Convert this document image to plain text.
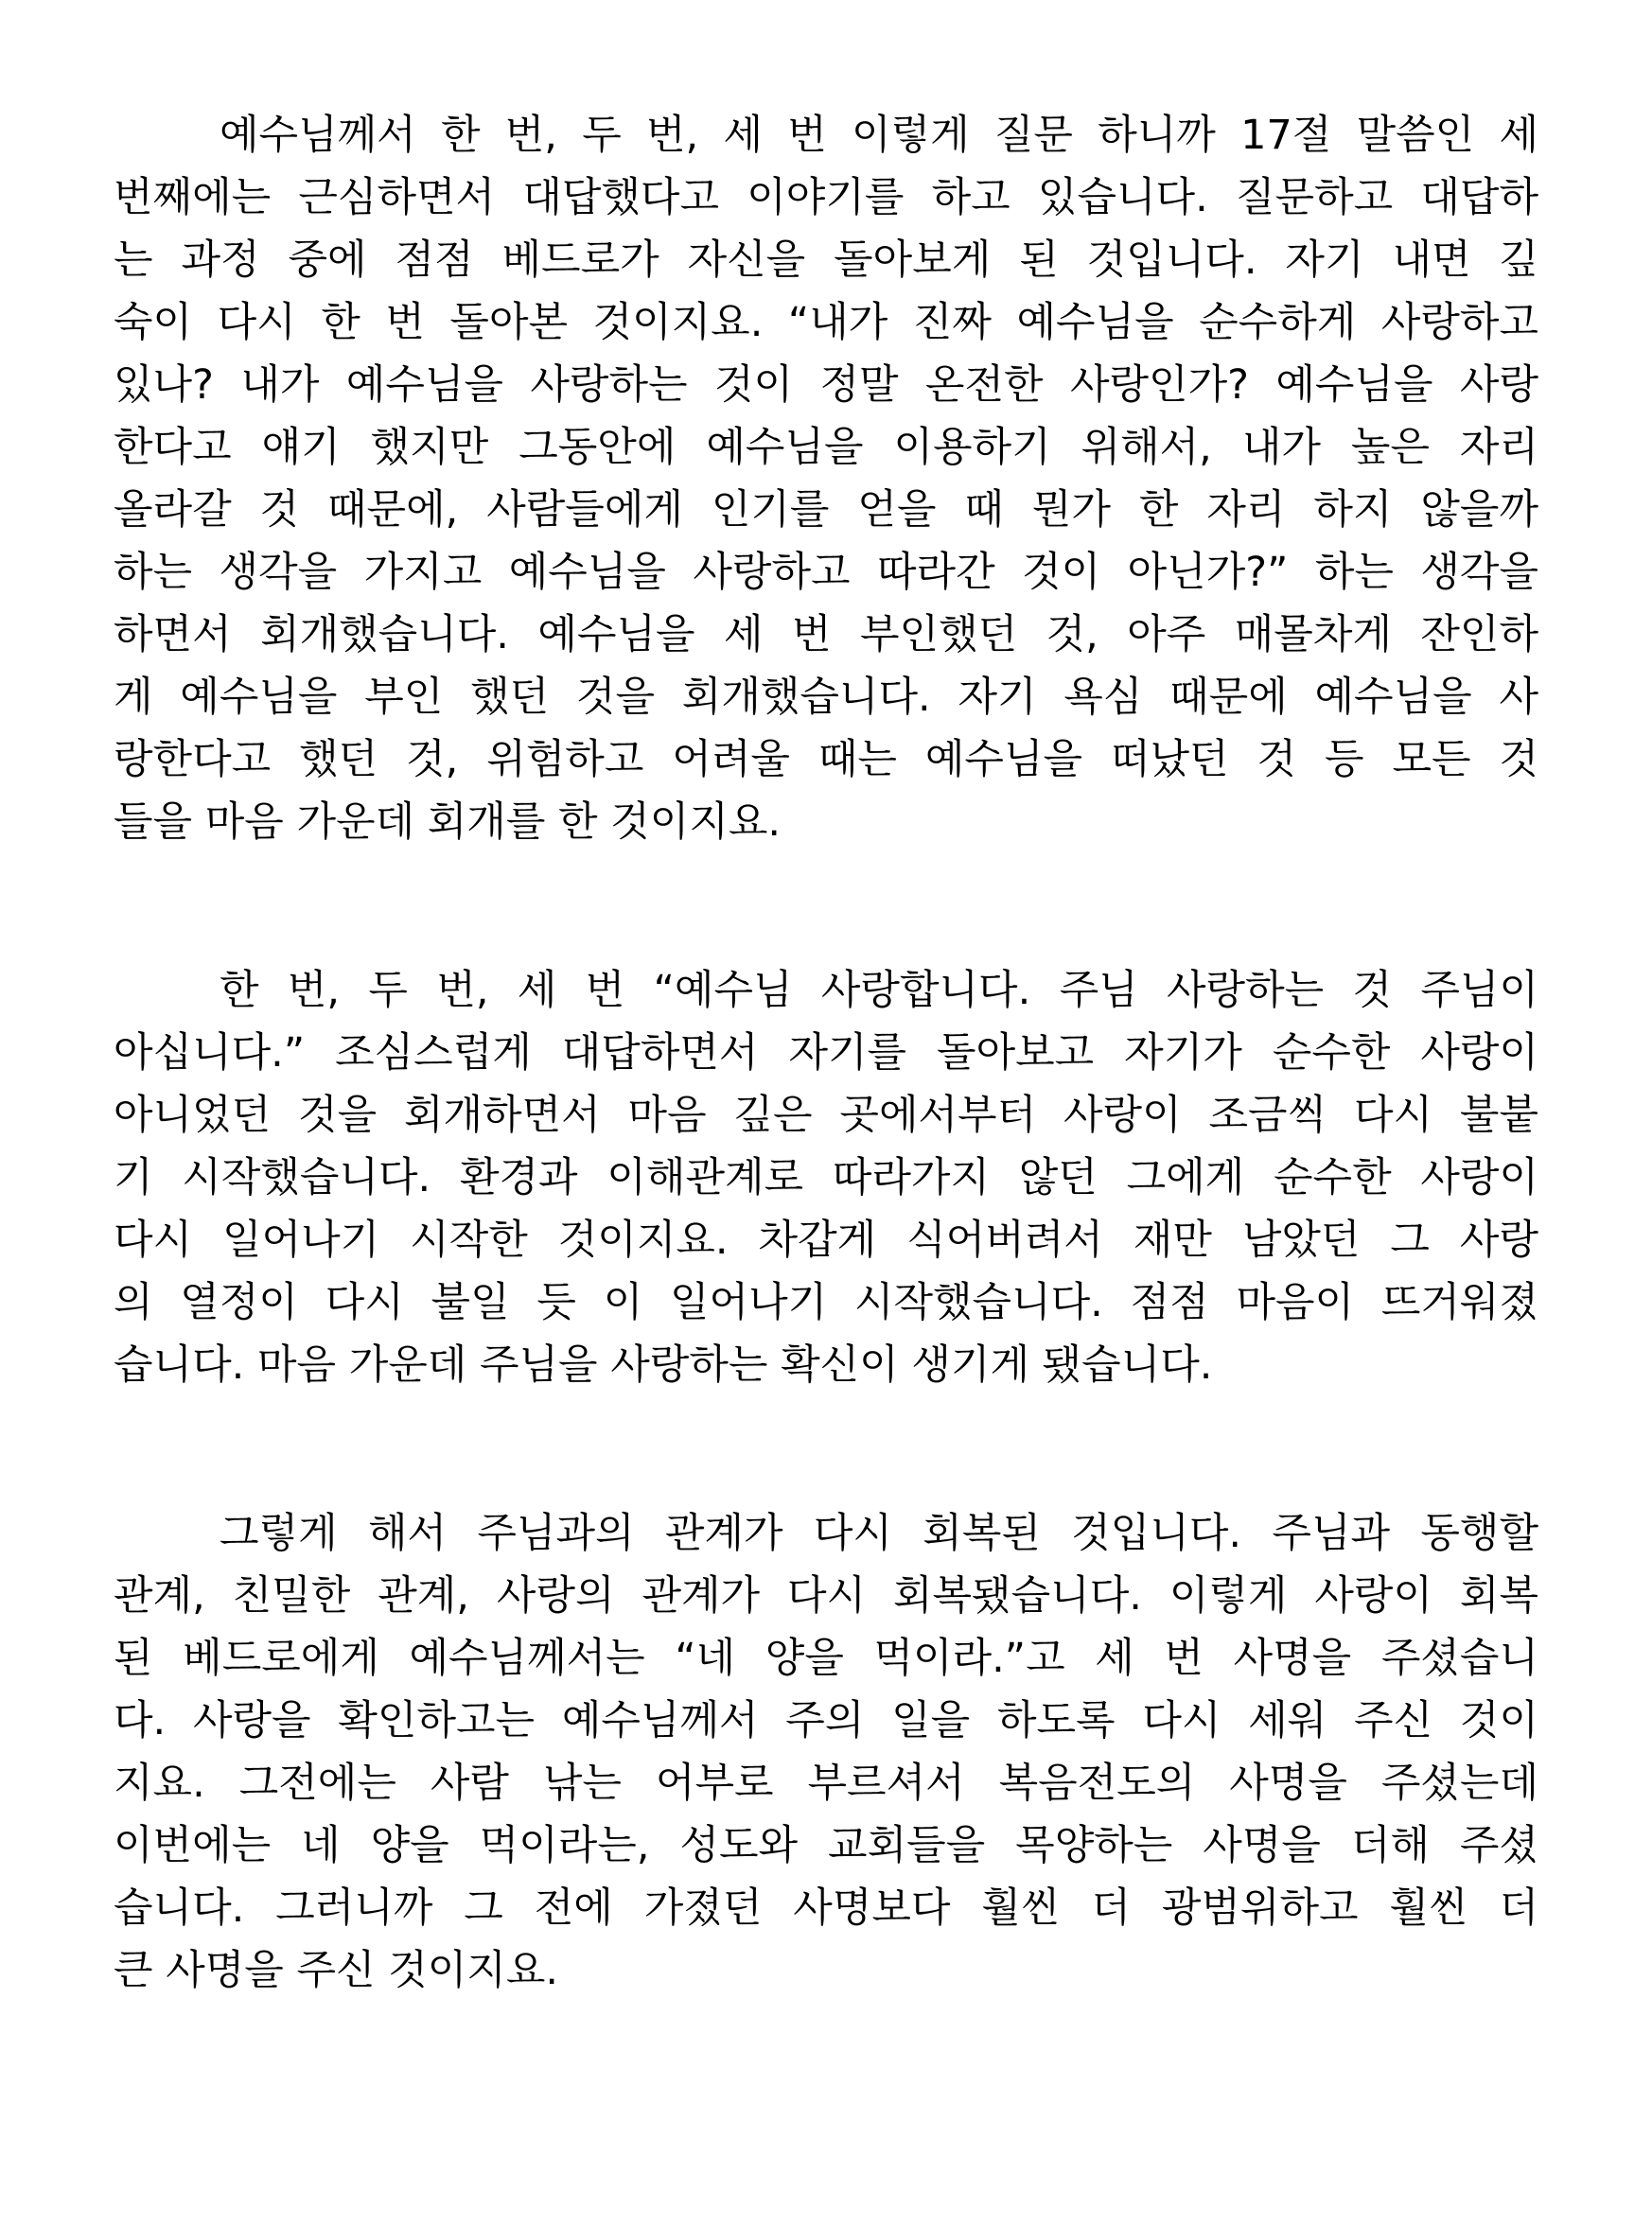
예수님께서 한 번, 두 번, 세 번 이렇게 질문 하니까 17절 말씀인 세
번째에는 근심하면서 대답했다고 이야기를 하고 있습니다. 질문하고 대답하
는 과정 중에 점점 베드로가 자신을 돌아보게 된 것입니다. 자기 내면 깊
숙이 다시 한 번 돌아본 것이지요. “내가 진짜 예수님을 순수하게 사랑하고
있나? 내가 예수님을 사랑하는 것이 정말 온전한 사랑인가? 예수님을 사랑
한다고 얘기 했지만 그동안에 예수님을 이용하기 위해서, 내가 높은 자리
올라갈 것 때문에, 사람들에게 인기를 얻을 때 뭔가 한 자리 하지 않을까
하는 생각을 가지고 예수님을 사랑하고 따라간 것이 아닌가?” 하는 생각을
하면서 회개했습니다. 예수님을 세 번 부인했던 것, 아주 매몰차게 잔인하
게 예수님을 부인 했던 것을 회개했습니다. 자기 욕심 때문에 예수님을 사
랑한다고 했던 것, 위험하고 어려울 때는 예수님을 떠났던 것 등 모든 것
들을 마음 가운데 회개를 한 것이지요.
한 번, 두 번, 세 번 “예수님 사랑합니다. 주님 사랑하는 것 주님이
아십니다.” 조심스럽게 대답하면서 자기를 돌아보고 자기가 순수한 사랑이
아니었던 것을 회개하면서 마음 깊은 곳에서부터 사랑이 조금씩 다시 불붙
기 시작했습니다. 환경과 이해관계로 따라가지 않던 그에게 순수한 사랑이
다시 일어나기 시작한 것이지요. 차갑게 식어버려서 재만 남았던 그 사랑
의 열정이 다시 불일 듯 이 일어나기 시작했습니다. 점점 마음이 뜨거워졌
습니다. 마음 가운데 주님을 사랑하는 확신이 생기게 됐습니다.
그렇게 해서 주님과의 관계가 다시 회복된 것입니다. 주님과 동행할
관계, 친밀한 관계, 사랑의 관계가 다시 회복됐습니다. 이렇게 사랑이 회복
된 베드로에게 예수님께서는 “네 양을 먹이라.”고 세 번 사명을 주셨습니
다. 사랑을 확인하고는 예수님께서 주의 일을 하도록 다시 세워 주신 것이
지요. 그전에는 사람 낚는 어부로 부르셔서 복음전도의 사명을 주셨는데
이번에는 네 양을 먹이라는, 성도와 교회들을 목양하는 사명을 더해 주셨
습니다. 그러니까 그 전에 가졌던 사명보다 훨씬 더 광범위하고 훨씬 더
큰 사명을 주신 것이지요.
